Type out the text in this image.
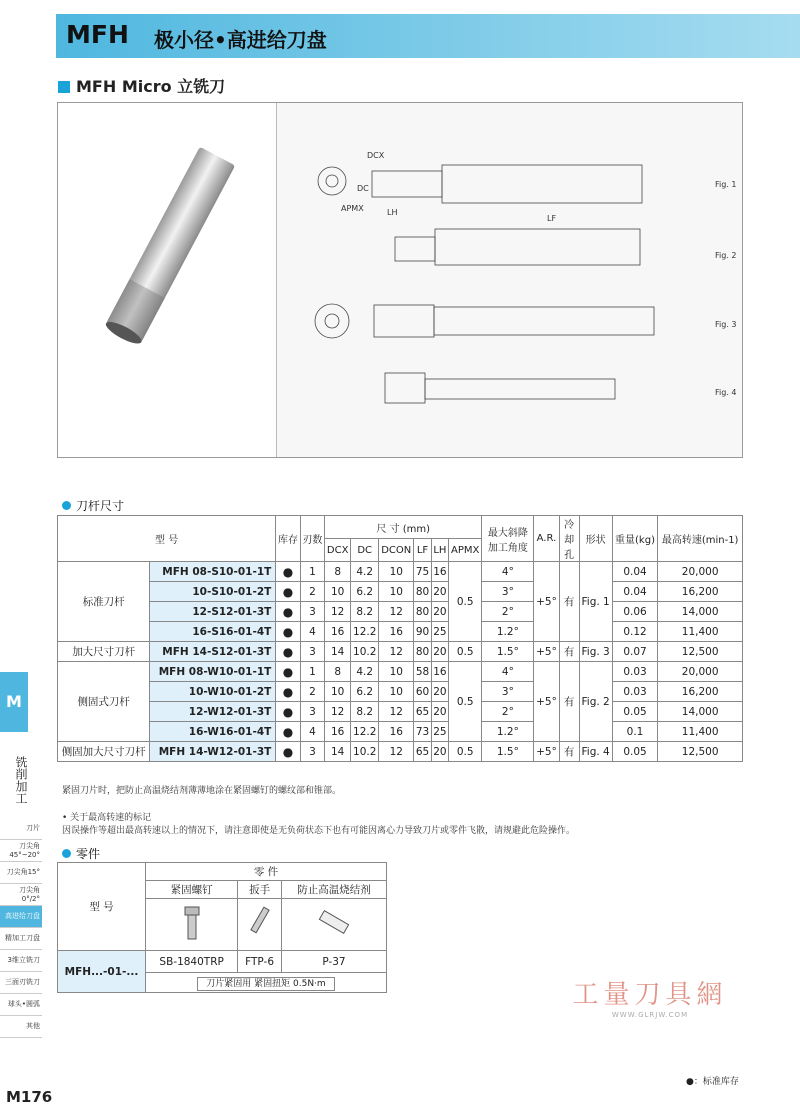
MFH 极小径•高进给刀盘
MFH Micro 立铣刀
DCX
DC
APMX	LH
LF
Fig. 1
Fig. 2
Fig. 3
Fig. 4
刀杆尺寸
型 号		库存	刃数	尺 寸 (mm)						最大斜降加工角度	A.R.	冷却孔	形状	重量(kg)	最高转速(min-1)
				DCX	DC	DCON	LF	LH	APMX						
标准刀杆	MFH 08-S10-01-1T	●	1	8	4.2	10	75	16	0.5	4°	+5°	有	Fig. 1	0.04	20,000
	10-S10-01-2T	●	2	10	6.2	10	80	20		3°				0.04	16,200
	12-S12-01-3T	●	3	12	8.2	12	80	20		2°				0.06	14,000
	16-S16-01-4T	●	4	16	12.2	16	90	25		1.2°				0.12	11,400
加大尺寸刀杆	MFH 14-S12-01-3T	●	3	14	10.2	12	80	20	0.5	1.5°	+5°	有	Fig. 3	0.07	12,500
侧固式刀杆	MFH 08-W10-01-1T	●	1	8	4.2	10	58	16	0.5	4°	+5°	有	Fig. 2	0.03	20,000
	10-W10-01-2T	●	2	10	6.2	10	60	20		3°				0.03	16,200
	12-W12-01-3T	●	3	12	8.2	12	65	20		2°				0.05	14,000
	16-W16-01-4T	●	4	16	12.2	16	73	25		1.2°				0.1	11,400
侧固加大尺寸刀杆	MFH 14-W12-01-3T	●	3	14	10.2	12	65	20	0.5	1.5°	+5°	有	Fig. 4	0.05	12,500
紧固刀片时，把防止高温烧结剂薄薄地涂在紧固螺钉的螺纹部和锥部。
• 关于最高转速的标记
因误操作等超出最高转速以上的情况下，请注意即使是无负荷状态下也有可能因离心力导致刀片或零件飞散，请规避此危险操作。
零件
型 号	零 件		
	紧固螺钉	扳手	防止高温烧结剂

MFH...-01-...	SB-1840TRP	FTP-6	P-37
	刀片紧固用 紧固扭矩 0.5N·m		
M
铣削加工
刀片
刀尖角45°~20°
刀尖角15°
刀尖角0°/2°
高进给刀盘
精加工刀盘
3维立铣刀
三面刃铣刀
球头•圆弧
其他
工量刀具網
WWW.GLRJW.COM
M176
●：标准库存
